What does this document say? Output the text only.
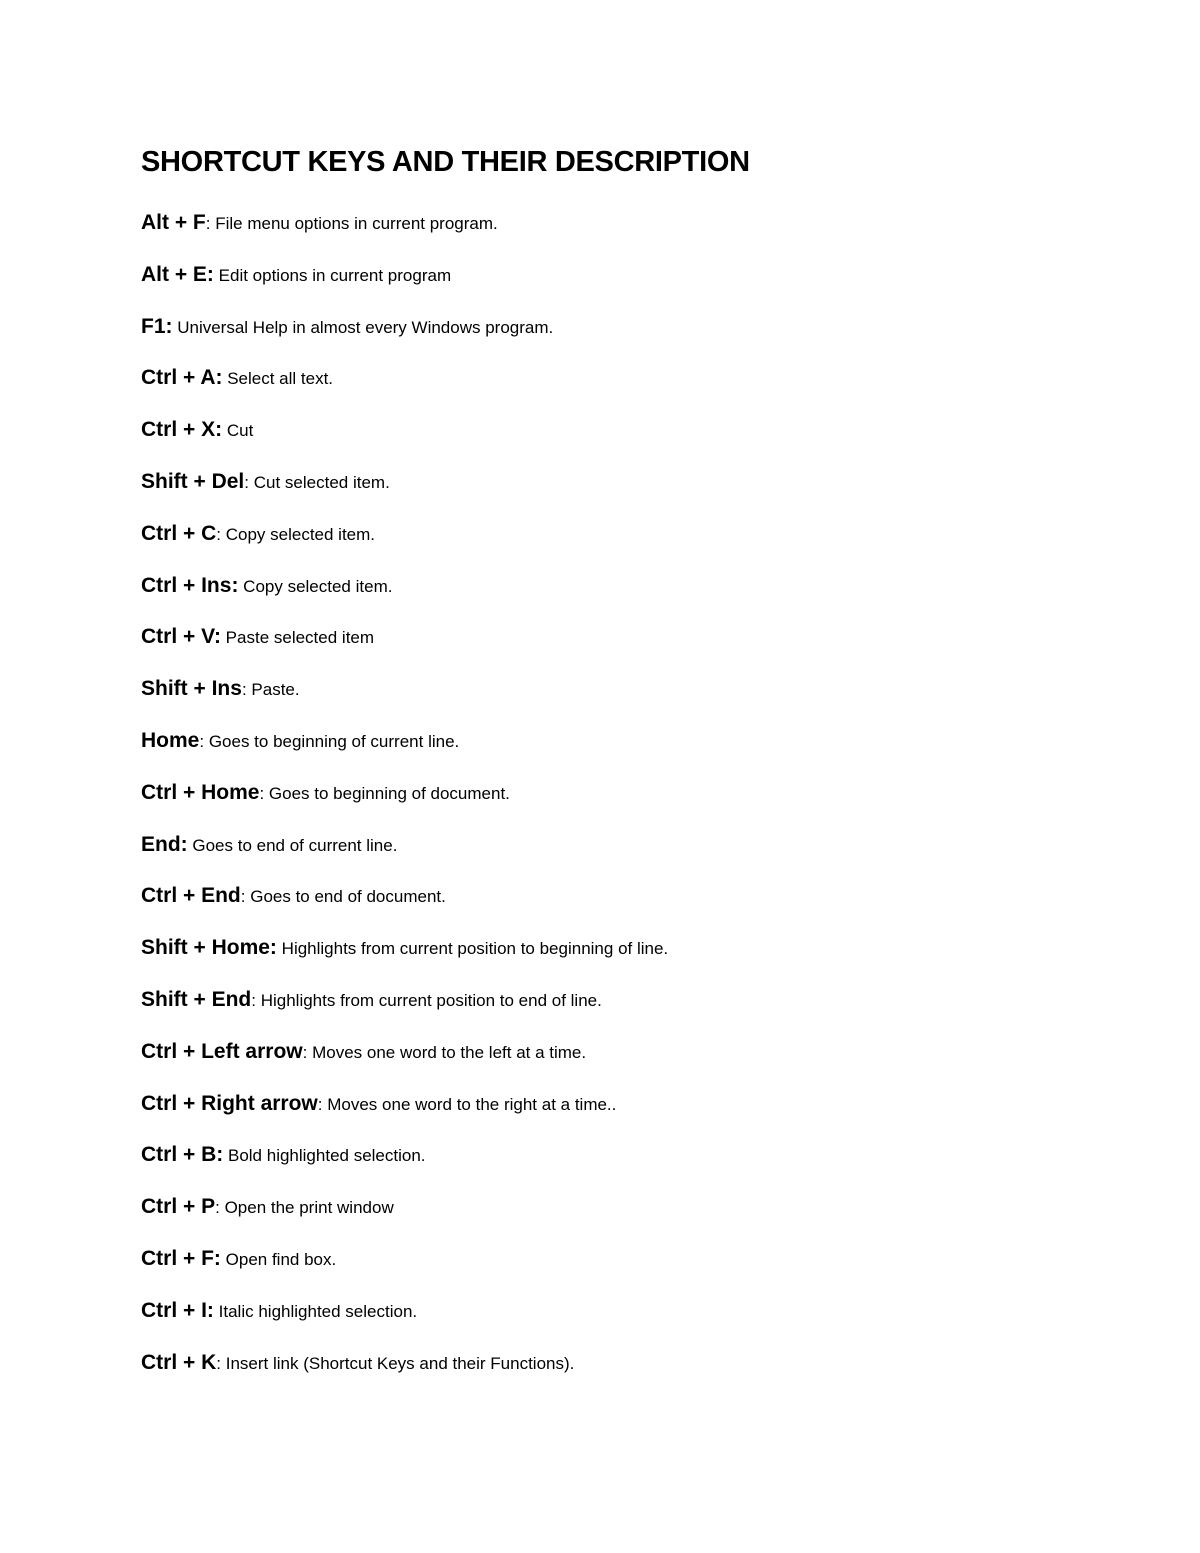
SHORTCUT KEYS AND THEIR DESCRIPTION
Alt + F: File menu options in current program.
Alt + E: Edit options in current program
F1: Universal Help in almost every Windows program.
Ctrl + A: Select all text.
Ctrl + X: Cut
Shift + Del: Cut selected item.
Ctrl + C: Copy selected item.
Ctrl + Ins: Copy selected item.
Ctrl + V: Paste selected item
Shift + Ins: Paste.
Home: Goes to beginning of current line.
Ctrl + Home: Goes to beginning of document.
End: Goes to end of current line.
Ctrl + End: Goes to end of document.
Shift + Home: Highlights from current position to beginning of line.
Shift + End: Highlights from current position to end of line.
Ctrl + Left arrow: Moves one word to the left at a time.
Ctrl + Right arrow: Moves one word to the right at a time..
Ctrl + B: Bold highlighted selection.
Ctrl + P: Open the print window
Ctrl + F: Open find box.
Ctrl + I: Italic highlighted selection.
Ctrl + K: Insert link (Shortcut Keys and their Functions).
